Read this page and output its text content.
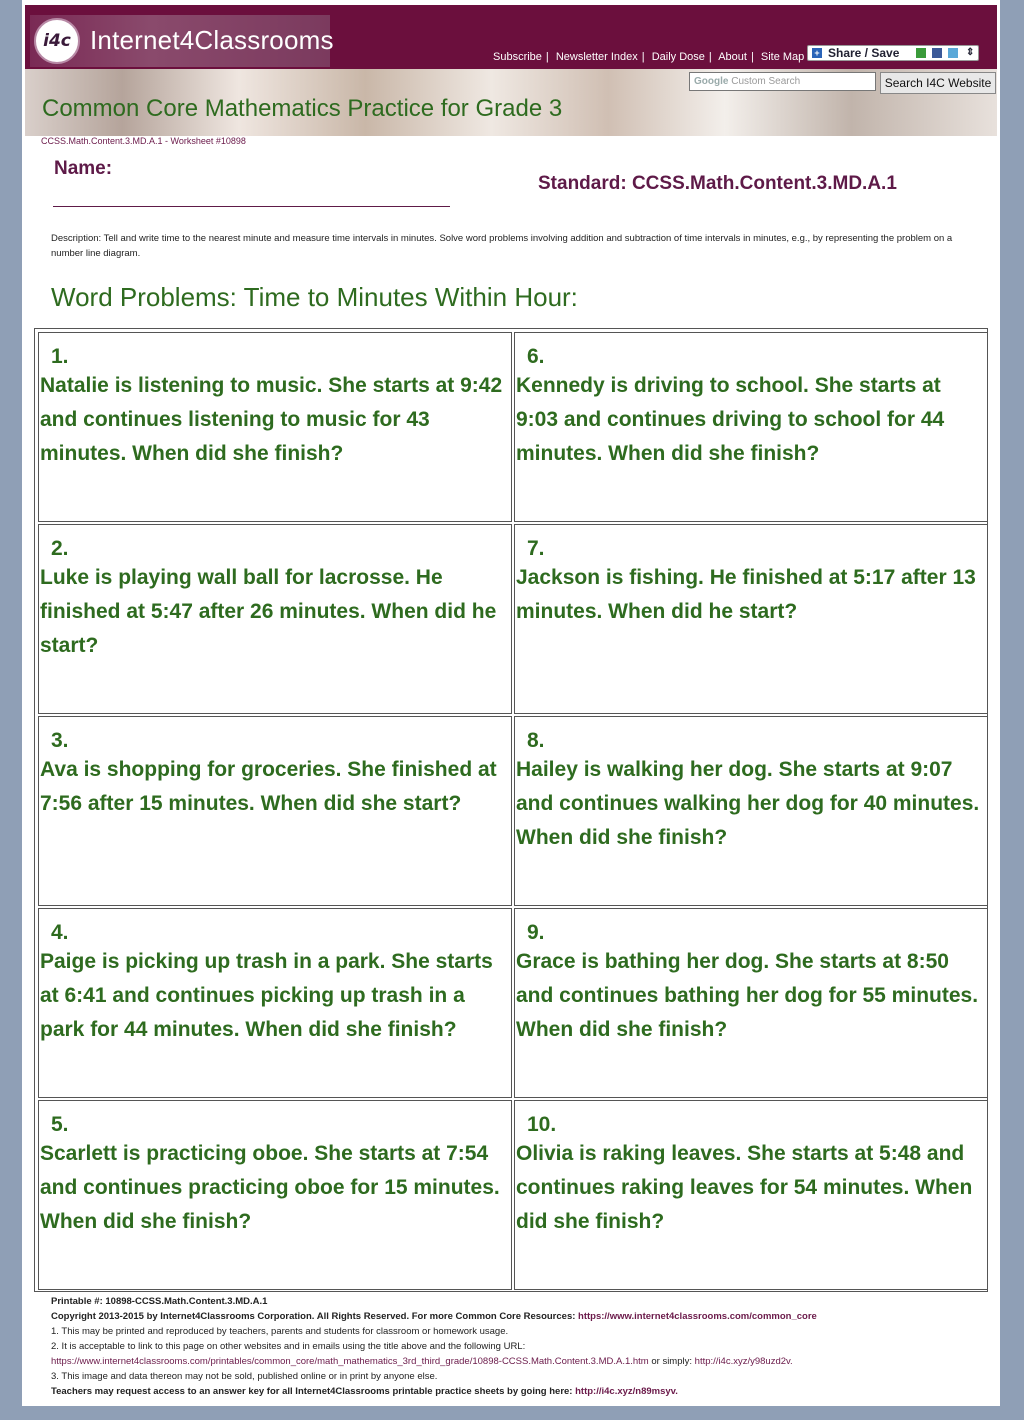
i4c Internet4Classrooms
Subscribe | Newsletter Index | Daily Dose | About | Site Map + Share / Save	⇕
Google Custom Search	Search I4C Website
Common Core Mathematics Practice for Grade 3
CCSS.Math.Content.3.MD.A.1 - Worksheet #10898
Name:
Standard: CCSS.Math.Content.3.MD.A.1
Description: Tell and write time to the nearest minute and measure time intervals in minutes. Solve word problems involving addition and subtraction of time intervals in minutes, e.g., by representing the problem on a number line diagram.
Word Problems: Time to Minutes Within Hour:
1.
Natalie is listening to music. She starts at 9:42 and continues listening to music for 43 minutes. When did she finish?
2.
Luke is playing wall ball for lacrosse. He finished at 5:47 after 26 minutes. When did he start?
3.
Ava is shopping for groceries. She finished at 7:56 after 15 minutes. When did she start?
4.
Paige is picking up trash in a park. She starts at 6:41 and continues picking up trash in a park for 44 minutes. When did she finish?
5.
Scarlett is practicing oboe. She starts at 7:54 and continues practicing oboe for 15 minutes. When did she finish?
6.
Kennedy is driving to school. She starts at 9:03 and continues driving to school for 44 minutes. When did she finish?
7.
Jackson is fishing. He finished at 5:17 after 13 minutes. When did he start?
8.
Hailey is walking her dog. She starts at 9:07 and continues walking her dog for 40 minutes. When did she finish?
9.
Grace is bathing her dog. She starts at 8:50 and continues bathing her dog for 55 minutes. When did she finish?
10.
Olivia is raking leaves. She starts at 5:48 and continues raking leaves for 54 minutes. When did she finish?
Printable #: 10898-CCSS.Math.Content.3.MD.A.1
Copyright 2013-2015 by Internet4Classrooms Corporation. All Rights Reserved. For more Common Core Resources: https://www.internet4classrooms.com/common_core
1. This may be printed and reproduced by teachers, parents and students for classroom or homework usage.
2. It is acceptable to link to this page on other websites and in emails using the title above and the following URL:
https://www.internet4classrooms.com/printables/common_core/math_mathematics_3rd_third_grade/10898-CCSS.Math.Content.3.MD.A.1.htm or simply: http://i4c.xyz/y98uzd2v.
3. This image and data thereon may not be sold, published online or in print by anyone else.
Teachers may request access to an answer key for all Internet4Classrooms printable practice sheets by going here: http://i4c.xyz/n89msyv.
